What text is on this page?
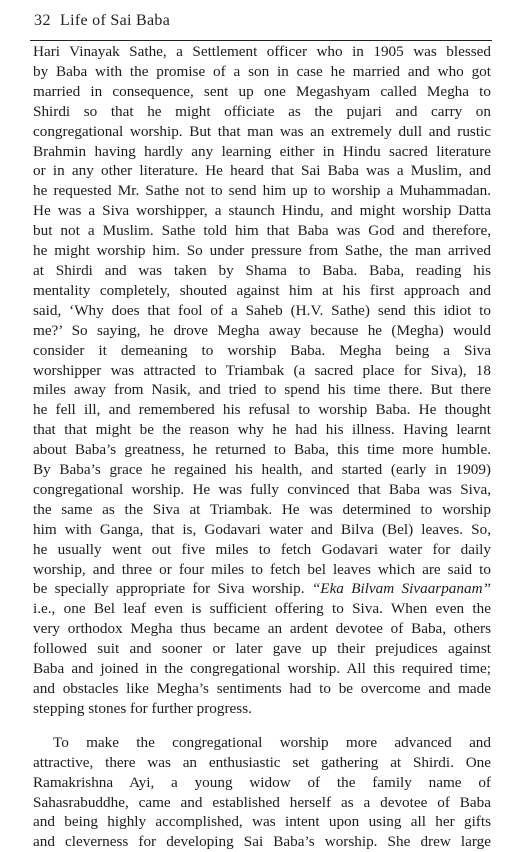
32 Life of Sai Baba
Hari Vinayak Sathe, a Settlement officer who in 1905 was blessed
by Baba with the promise of a son in case he married and who got
married in consequence, sent up one Megashyam called Megha to
Shirdi so that he might officiate as the pujari and carry on
congregational worship. But that man was an extremely dull and rustic
Brahmin having hardly any learning either in Hindu sacred literature
or in any other literature. He heard that Sai Baba was a Muslim, and
he requested Mr. Sathe not to send him up to worship a Muhammadan.
He was a Siva worshipper, a staunch Hindu, and might worship Datta
but not a Muslim. Sathe told him that Baba was God and therefore,
he might worship him. So under pressure from Sathe, the man arrived
at Shirdi and was taken by Shama to Baba. Baba, reading his
mentality completely, shouted against him at his first approach and
said, ‘Why does that fool of a Saheb (H.V. Sathe) send this idiot to
me?’ So saying, he drove Megha away because he (Megha) would
consider it demeaning to worship Baba. Megha being a Siva
worshipper was attracted to Triambak (a sacred place for Siva), 18
miles away from Nasik, and tried to spend his time there. But there
he fell ill, and remembered his refusal to worship Baba. He thought
that that might be the reason why he had his illness. Having learnt
about Baba’s greatness, he returned to Baba, this time more humble.
By Baba’s grace he regained his health, and started (early in 1909)
congregational worship. He was fully convinced that Baba was Siva,
the same as the Siva at Triambak. He was determined to worship
him with Ganga, that is, Godavari water and Bilva (Bel) leaves. So,
he usually went out five miles to fetch Godavari water for daily
worship, and three or four miles to fetch bel leaves which are said to
be specially appropriate for Siva worship. “Eka Bilvam Sivaarpanam”
i.e., one Bel leaf even is sufficient offering to Siva. When even the
very orthodox Megha thus became an ardent devotee of Baba, others
followed suit and sooner or later gave up their prejudices against
Baba and joined in the congregational worship. All this required time;
and obstacles like Megha’s sentiments had to be overcome and made
stepping stones for further progress.
To make the congregational worship more advanced and
attractive, there was an enthusiastic set gathering at Shirdi. One
Ramakrishna Ayi, a young widow of the family name of
Sahasrabuddhe, came and established herself as a devotee of Baba
and being highly accomplished, was intent upon using all her gifts
and cleverness for developing Sai Baba’s worship. She drew large
